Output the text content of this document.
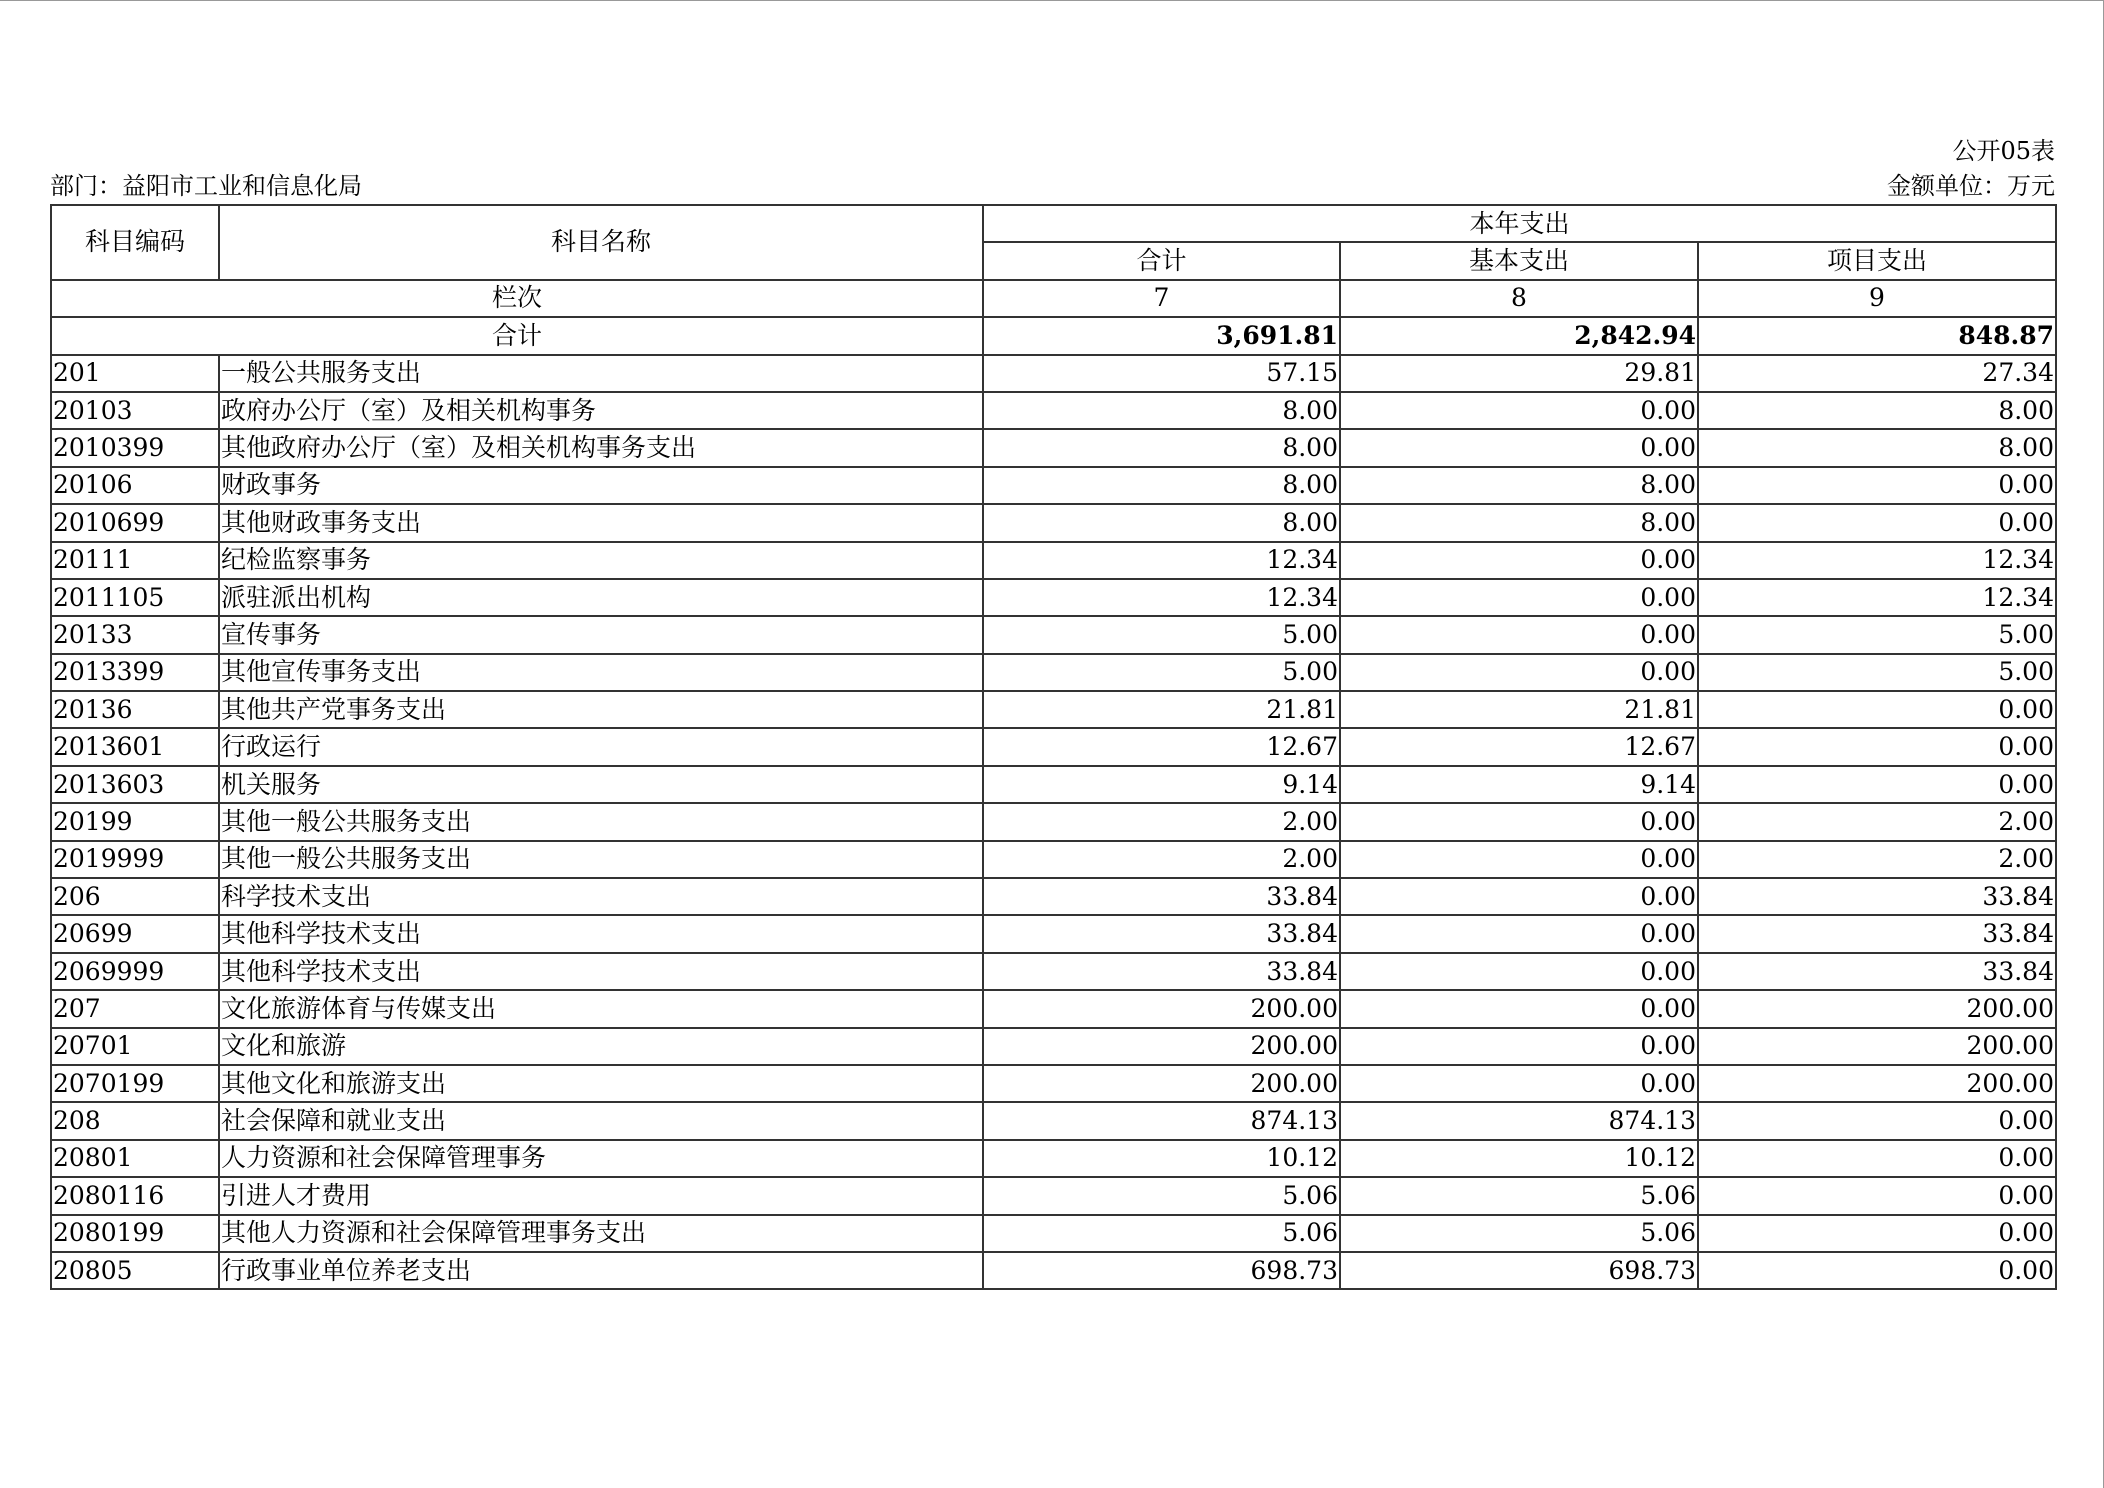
公开05表
部门：益阳市工业和信息化局	金额单位：万元
科目编码	科目名称	本年支出		
		合计	基本支出	项目支出
栏次		7	8	9
合计		3,691.81	2,842.94	848.87
201	一般公共服务支出	57.15	29.81	27.34
20103	政府办公厅（室）及相关机构事务	8.00	0.00	8.00
2010399	其他政府办公厅（室）及相关机构事务支出	8.00	0.00	8.00
20106	财政事务	8.00	8.00	0.00
2010699	其他财政事务支出	8.00	8.00	0.00
20111	纪检监察事务	12.34	0.00	12.34
2011105	派驻派出机构	12.34	0.00	12.34
20133	宣传事务	5.00	0.00	5.00
2013399	其他宣传事务支出	5.00	0.00	5.00
20136	其他共产党事务支出	21.81	21.81	0.00
2013601	行政运行	12.67	12.67	0.00
2013603	机关服务	9.14	9.14	0.00
20199	其他一般公共服务支出	2.00	0.00	2.00
2019999	其他一般公共服务支出	2.00	0.00	2.00
206	科学技术支出	33.84	0.00	33.84
20699	其他科学技术支出	33.84	0.00	33.84
2069999	其他科学技术支出	33.84	0.00	33.84
207	文化旅游体育与传媒支出	200.00	0.00	200.00
20701	文化和旅游	200.00	0.00	200.00
2070199	其他文化和旅游支出	200.00	0.00	200.00
208	社会保障和就业支出	874.13	874.13	0.00
20801	人力资源和社会保障管理事务	10.12	10.12	0.00
2080116	引进人才费用	5.06	5.06	0.00
2080199	其他人力资源和社会保障管理事务支出	5.06	5.06	0.00
20805	行政事业单位养老支出	698.73	698.73	0.00
